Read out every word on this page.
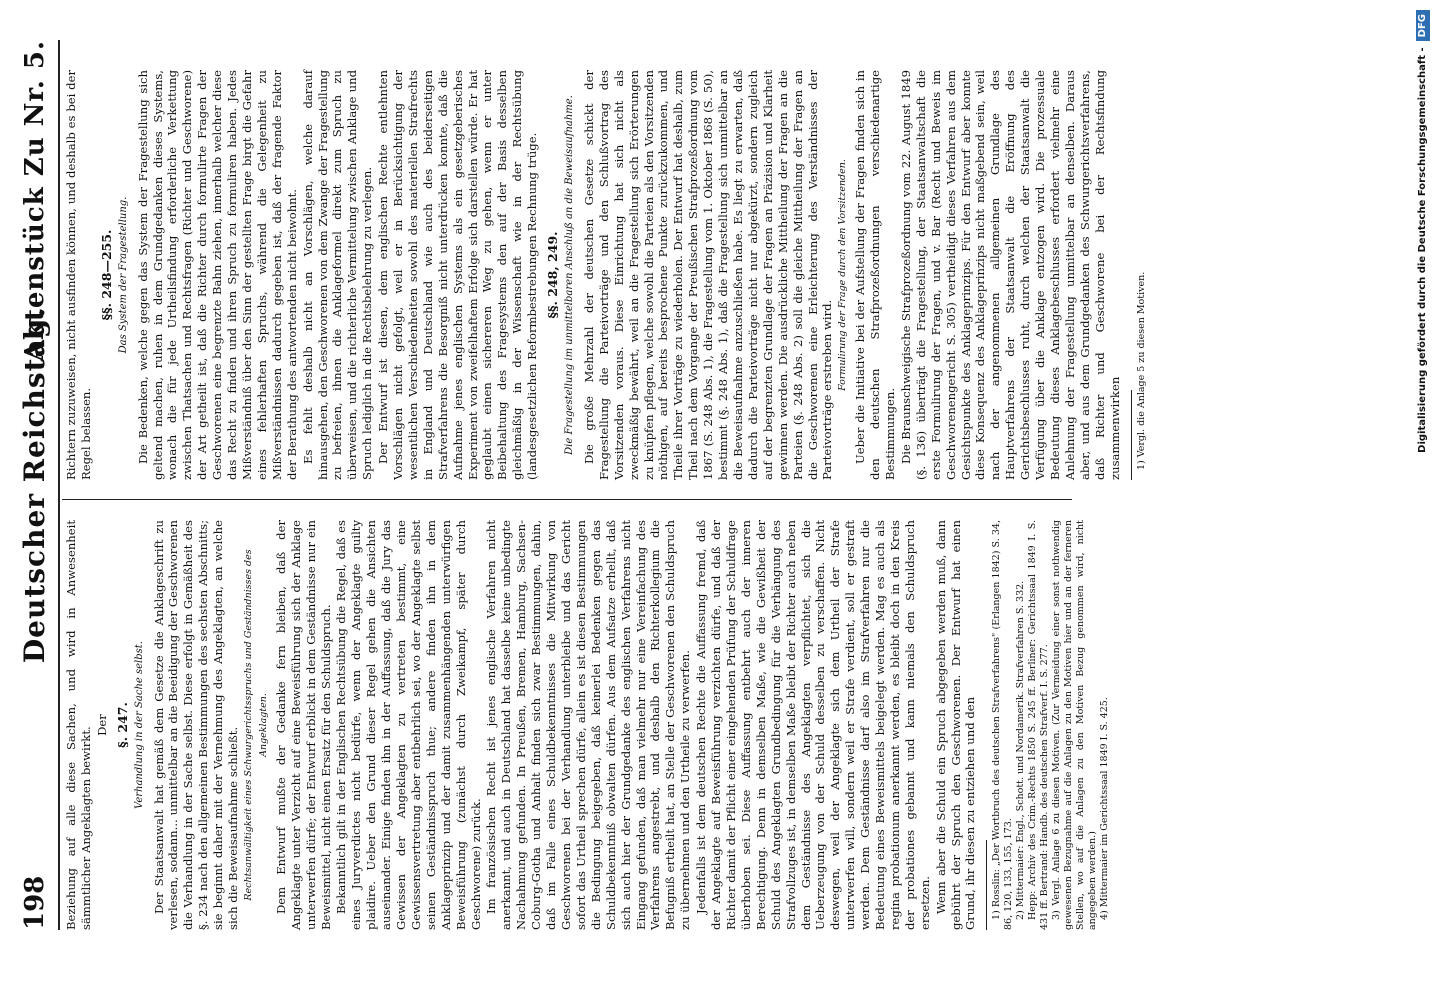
198
Deutscher Reichstag.
Aktenstück Zu Nr. 5.

Beziehung auf alle diese Sachen, und wird in Anwesenheit sämmtlicher Angeklagten bewirkt.

Der §. 247. Verhandlung in der Sache selbst. Der Staatsanwalt hat gemäß dem Gesetze die Anklageschrift zu verlesen, sodann... unmittelbar an die Beeidigung der Geschworenen die Verhandlung in der Sache selbst. Diese erfolgt in Gemäßheit des §. 234 nach den allgemeinen Bestimmungen des sechsten Abschnitts; sie beginnt daher mit der Vernehmung des Angeklagten, an welche sich die Beweisaufnahme schließt. Rechtsanwältigkeit eines Schwurgerichtsspruchs und Geständnisses des Angeklagten. Dem Entwurf mußte der Gedanke fern bleiben, daß der Angeklagte unter Verzicht auf eine Beweisführung sich der Anklage unterwerfen dürfe; der Entwurf erblickt in dem Geständnisse nur ein Beweismittel, nicht einen Ersatz für den Schuldspruch. Bekanntlich gilt in der Englischen Rechtsübung die Regel, daß es eines Juryverdictes nicht bedürfe, wenn der Angeklagte guilty plaidire. Ueber den Grund dieser Regel gehen die Ansichten auseinander. Einige finden ihn in der Auffassung, daß die Jury das Gewissen der Angeklagten zu vertreten bestimmt, eine Gewissensvertretung aber entbehrlich sei, wo der Angeklagte selbst seinen Geständnisspruch thue; andere finden ihn in dem Anklageprinzip und der damit zusammenhängenden unterwürfigen Beweisführung (zunächst durch Zweikampf, später durch Geschworene) zurück. Im französischen Recht ist jenes englische Verfahren nicht anerkannt, und auch in Deutschland hat dasselbe keine unbedingte Nachahmung gefunden. In Preußen, Bremen, Hamburg, Sachsen-Coburg-Gotha und Anhalt finden sich zwar Bestimmungen, dahin, daß im Falle eines Schuldbekenntnisses die Mitwirkung von Geschworenen bei der Verhandlung unterbleibe und das Gericht sofort das Urtheil sprechen dürfe, allein es ist diesen Bestimmungen die Bedingung beigegeben, daß keinerlei Bedenken gegen das Schuldbekenntniß obwalten dürfen. Aus dem Aufsatze erhellt, daß sich auch hier der Grundgedanke des englischen Verfahrens nicht Eingang gefunden, daß man vielmehr nur eine Vereinfachung des Verfahrens angestrebt, und deshalb den Richterkollegium die Befugniß ertheilt hat, an Stelle der Geschworenen den Schuldspruch zu übernehmen und den Urtheile zu verwerfen. Jedenfalls ist dem deutschen Rechte die Auffassung fremd, daß der Angeklagte auf Beweisführung verzichten dürfe, und daß der Richter damit der Pflicht einer eingehenden Prüfung der Schuldfrage überhoben sei. Diese Auffassung entbehrt auch der inneren Berechtigung. Denn in demselben Maße, wie die Gewißheit der Schuld des Angeklagten Grundbedingung für die Verhängung des Strafvollzuges ist, in demselben Maße bleibt der Richter auch neben dem Geständnisse des Angeklagten verpflichtet, sich die Ueberzeugung von der Schuld desselben zu verschaffen. Nicht deswegen, weil der Angeklagte sich dem Urtheil der Strafe unterwerfen will, sondern weil er Strafe verdient, soll er gestraft werden. Dem Geständnisse darf also im Strafverfahren nur die Bedeutung eines Beweismittels beigelegt werden. Mag es auch als regina probationum anerkannt werden, es bleibt doch in den Kreis der probationes gebannt und kann niemals den Schuldspruch ersetzen. Wenn aber die Schuld ein Spruch abgegeben werden muß, dann gebührt der Spruch den Geschworenen. Der Entwurf hat einen Grund, ihr diesen zu entziehen und den 1) Rosslin: „Der Wortbruch des deutschen Strafverfahrens" (Erlangen 1842) S. 34, 86, 120, 133, 155, 173. 2) Mittermaier: Engl., Schott. und Nordamerik. Strafverfahren S. 332. Hepp: Archiv des Crim.-Rechts 1850 S. 245 ff. Berliner: Gerichtssaal 1849 I. S. 431 ff. Bertrand: Handb. des deutschen Strafverf. I. S. 277. 3) Vergl. Anlage 6 zu diesen Motiven. (Zur Vermeidung einer sonst nothwendig gewesenen Bezugnahme auf die Anlagen zu den Motiven hier und an der ferneren Stellen, wo auf die Anlagen zu den Motiven Bezug genommen wird, nicht angegeben werden.) 4) Mittermaier im Gerichtssaal 1849 I. S. 425.

Richtern zuzuweisen, nicht ausfinden können, und deshalb es bei der Regel belassen.

§§. 248—255. Das System der Fragestellung. Die Bedenken, welche gegen das System der Fragestellung sich geltend machen, ruhen in dem Grundgedanken dieses Systems, wonach die für jede Urtheilsfindung erforderliche Verkettung zwischen Thatsachen und Rechtsfragen (Richter und Geschworene) der Art getheilt ist, daß die Richter durch formulirte Fragen der Geschworenen eine begrenzte Bahn ziehen, innerhalb welcher diese das Recht zu finden und ihren Spruch zu formuliren haben. Jedes Mißverständniß über den Sinn der gestellten Frage birgt die Gefahr eines fehlerhaften Spruchs, während die Gelegenheit zu Mißverständnissen dadurch gegeben ist, daß der fragende Faktor der Berathung des antwortenden nicht beiwohnt. Es fehlt deshalb nicht an Vorschlägen, welche darauf hinausgehen, den Geschworenen von dem Zwange der Fragestellung zu befreien, ihnen die Anklageformel direkt zum Spruch zu überweisen, und die richterliche Vermittelung zwischen Anklage und Spruch lediglich in die Rechtsbelehrung zu verlegen. Der Entwurf ist diesen, dem englischen Rechte entlehnten Vorschlägen nicht gefolgt, weil er in Berücksichtigung der wesentlichen Verschiedenheiten sowohl des materiellen Strafrechts in England und Deutschland wie auch des beiderseitigen Strafverfahrens die Besorgniß nicht unterdrücken konnte, daß die Aufnahme jenes englischen Systems als ein gesetzgeberisches Experiment von zweifelhaftem Erfolge sich darstellen würde. Er hat geglaubt einen sichereren Weg zu gehen, wenn er unter Beibehaltung des Fragesystems den auf der Basis desselben gleichmäßig in der Wissenschaft wie in der Rechtsübung (landesgesetzlichen Reformbestrebungen Rechnung trüge. §§. 248, 249. Die Fragestellung im unmittelbaren Anschluß an die Beweisaufnahme. Die große Mehrzahl der deutschen Gesetze schickt der Fragestellung die Parteivorträge und den Schlußvortrag des Vorsitzenden voraus. Diese Einrichtung hat sich nicht als zweckmäßig bewährt, weil an die Fragestellung sich Erörterungen zu knüpfen pflegen, welche sowohl die Parteien als den Vorsitzenden nöthigen, auf bereits besprochene Punkte zurückzukommen, und Theile ihrer Vorträge zu wiederholen. Der Entwurf hat deshalb, zum Theil nach dem Vorgange der Preußischen Strafprozeßordnung vom 1867 (S. 248 Abs. 1), die Fragestellung vom 1. Oktober 1868 (S. 50), bestimmt (§. 248 Abs. 1), daß die Fragestellung sich unmittelbar an die Beweisaufnahme anzuschließen habe. Es liegt zu erwarten, daß dadurch die Parteivorträge nicht nur abgekürzt, sondern zugleich auf der begrenzten Grundlage der Fragen an Präzision und Klarheit gewinnen werden. Die ausdrückliche Mittheilung der Fragen an die Parteien (§. 248 Abs. 2) soll die gleiche Mittheilung der Fragen an die Geschworenen eine Erleichterung des Verständnisses der Parteivorträge erstreben wird. Formulirung der Frage durch den Vorsitzenden. Ueber die Initiative bei der Aufstellung der Fragen finden sich in den deutschen Strafprozeßordnungen verschiedenartige Bestimmungen. Die Braunschweigische Strafprozeßordnung vom 22. August 1849 (§. 136) überträgt die Fragestellung, der Staatsanwaltschaft die erste Formulirung der Fragen, und v. Bar (Recht und Beweis im Geschworenengericht S. 305) vertheidigt dieses Verfahren aus dem Gesichtspunkte des Anklageprinzips. Für den Entwurf aber konnte diese Konsequenz des Anklageprinzips nicht maßgebend sein, weil nach der angenommenen allgemeinen Grundlage des Hauptverfahrens der Staatsanwalt die Eröffnung des Gerichtsbeschlusses ruht, durch welchen der Staatsanwalt die Verfügung über die Anklage entzogen wird. Die prozessuale Bedeutung dieses Anklagebeschlusses erfordert vielmehr eine Anlehnung der Fragestellung unmittelbar an denselben. Daraus aber, und aus dem Grundgedanken des Schwurgerichtsverfahrens, daß Richter und Geschworene bei der Rechtsfindung zusammenwirken 1) Vergl. die Anlage 5 zu diesen Motiven.	Digitalisierung gefördert durch die Deutsche Forschungsgemeinschaft -DFG
